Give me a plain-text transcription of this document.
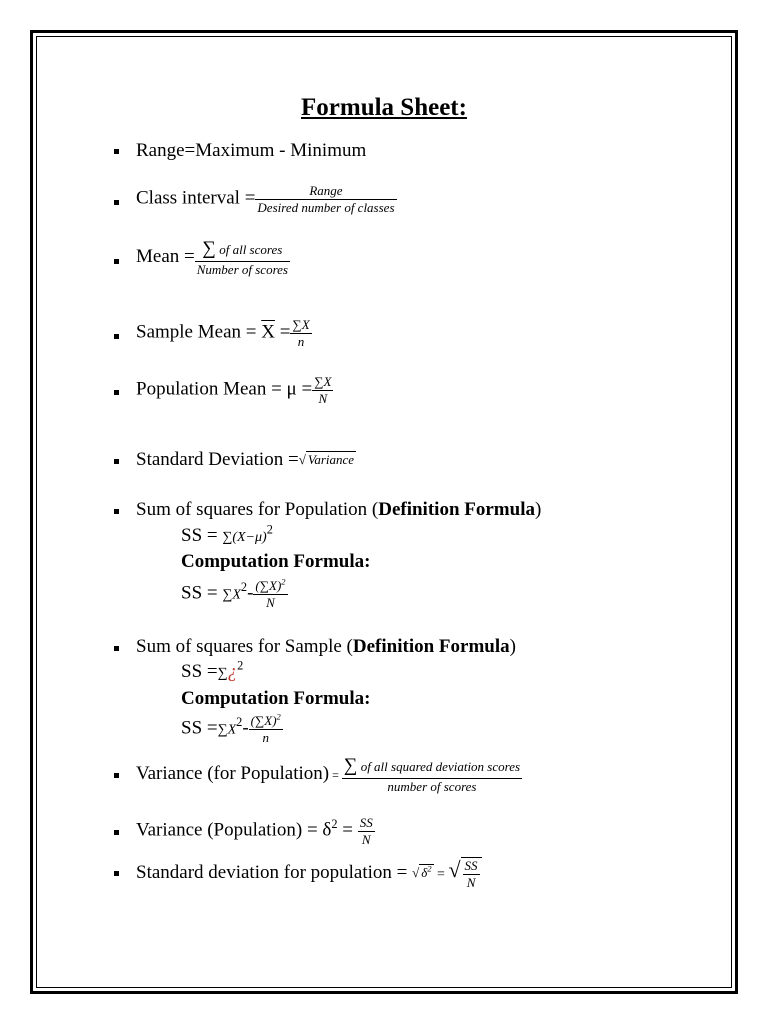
Formula Sheet:
Range=Maximum - Minimum
Class interval = $\frac{\text{Range}}{\text{Desired number of classes}}$
Mean = $\frac{\text{∑ of all scores}}{\text{Number of scores}}$
Sample Mean = $\overline{X} = \frac{\sum X}{n}$
Population Mean = $\mu = \frac{\sum X}{N}$
Standard Deviation =√ Variance
Sum of squares for Population (Definition Formula)
SS = $\sum(X-\mu)^2$
Computation Formula:
SS = $\sum X^2- \frac{(\sum X)^2}{N}$
Sum of squares for Sample (Definition Formula)
SS =∑¿$^2$
Computation Formula:
SS $=\sum X^2- \frac{(\sum X)^2}{n}$
Variance (for Population) = $\frac{\text{∑ of all squared deviation scores}}{\text{number of scores}}$
Variance (Population) = $\delta^2 = \frac{SS}{N}$
Standard deviation for population = √ $\delta^2$ = √ $\frac{SS}{N}$
